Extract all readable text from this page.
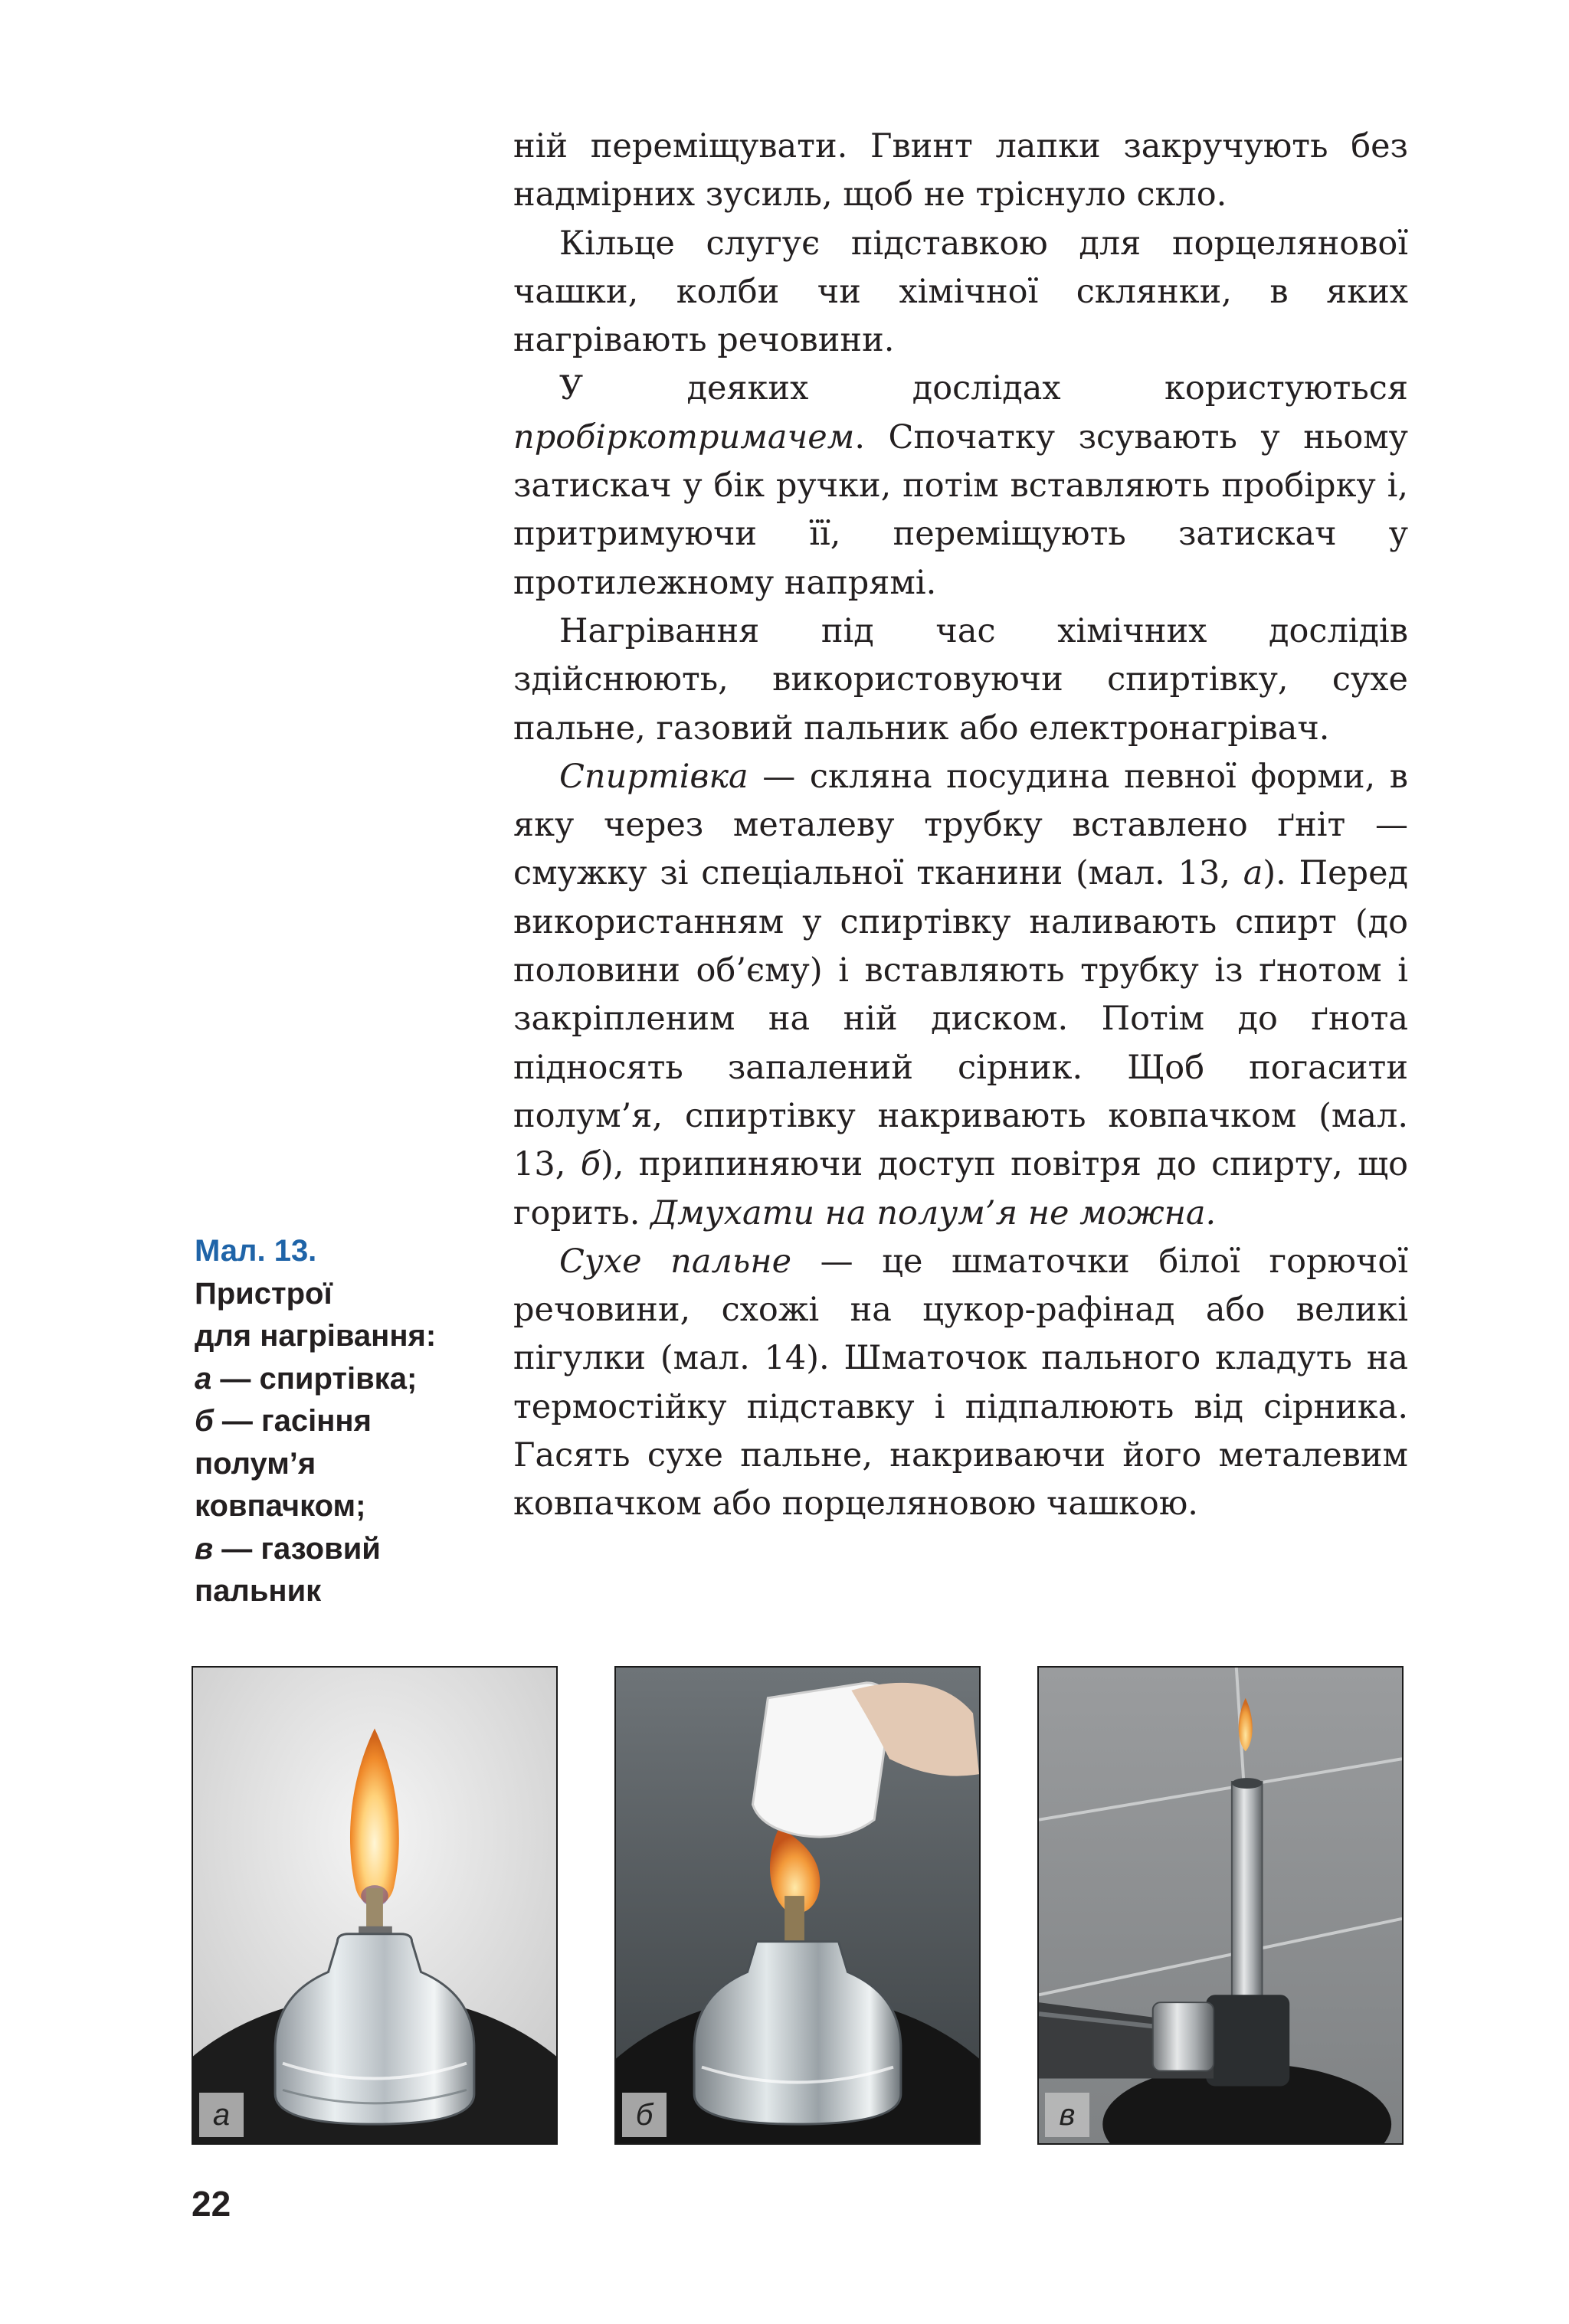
ній переміщувати. Гвинт лапки закручують без надмірних зусиль, щоб не тріснуло скло.

Кільце слугує підставкою для порцелянової чашки, колби чи хімічної склянки, в яких нагрівають речовини.

У деяких дослідах користуються пробіркотримачем. Спочатку зсувають у ньому затискач у бік ручки, потім вставляють пробірку і, притримуючи її, переміщують затискач у протилежному напрямі.

Нагрівання під час хімічних дослідів здійснюють, використовуючи спиртівку, сухе пальне, газовий пальник або електронагрівач.

Спиртівка — скляна посудина певної форми, в яку через металеву трубку вставлено ґніт — смужку зі спеціальної тканини (мал. 13, а). Перед використанням у спиртівку наливають спирт (до половини об’єму) і вставляють трубку із ґнотом і закріпленим на ній диском. Потім до ґнота підносять запалений сірник. Щоб погасити полум’я, спиртівку накривають ковпачком (мал. 13, б), припиняючи доступ повітря до спирту, що горить. Дмухати на полум’я не можна.

Сухе пальне — це шматочки білої горючої речовини, схожі на цукор-рафінад або великі пігулки (мал. 14). Шматочок пального кладуть на термостійку підставку і підпалюють від сірника. Гасять сухе пальне, накриваючи його металевим ковпачком або порцеляновою чашкою.

Мал. 13.
Пристрої
для нагрівання:
а — спиртівка;
б — гасіння
полум’я
ковпачком;
в — газовий
пальник
а	б	в
22
